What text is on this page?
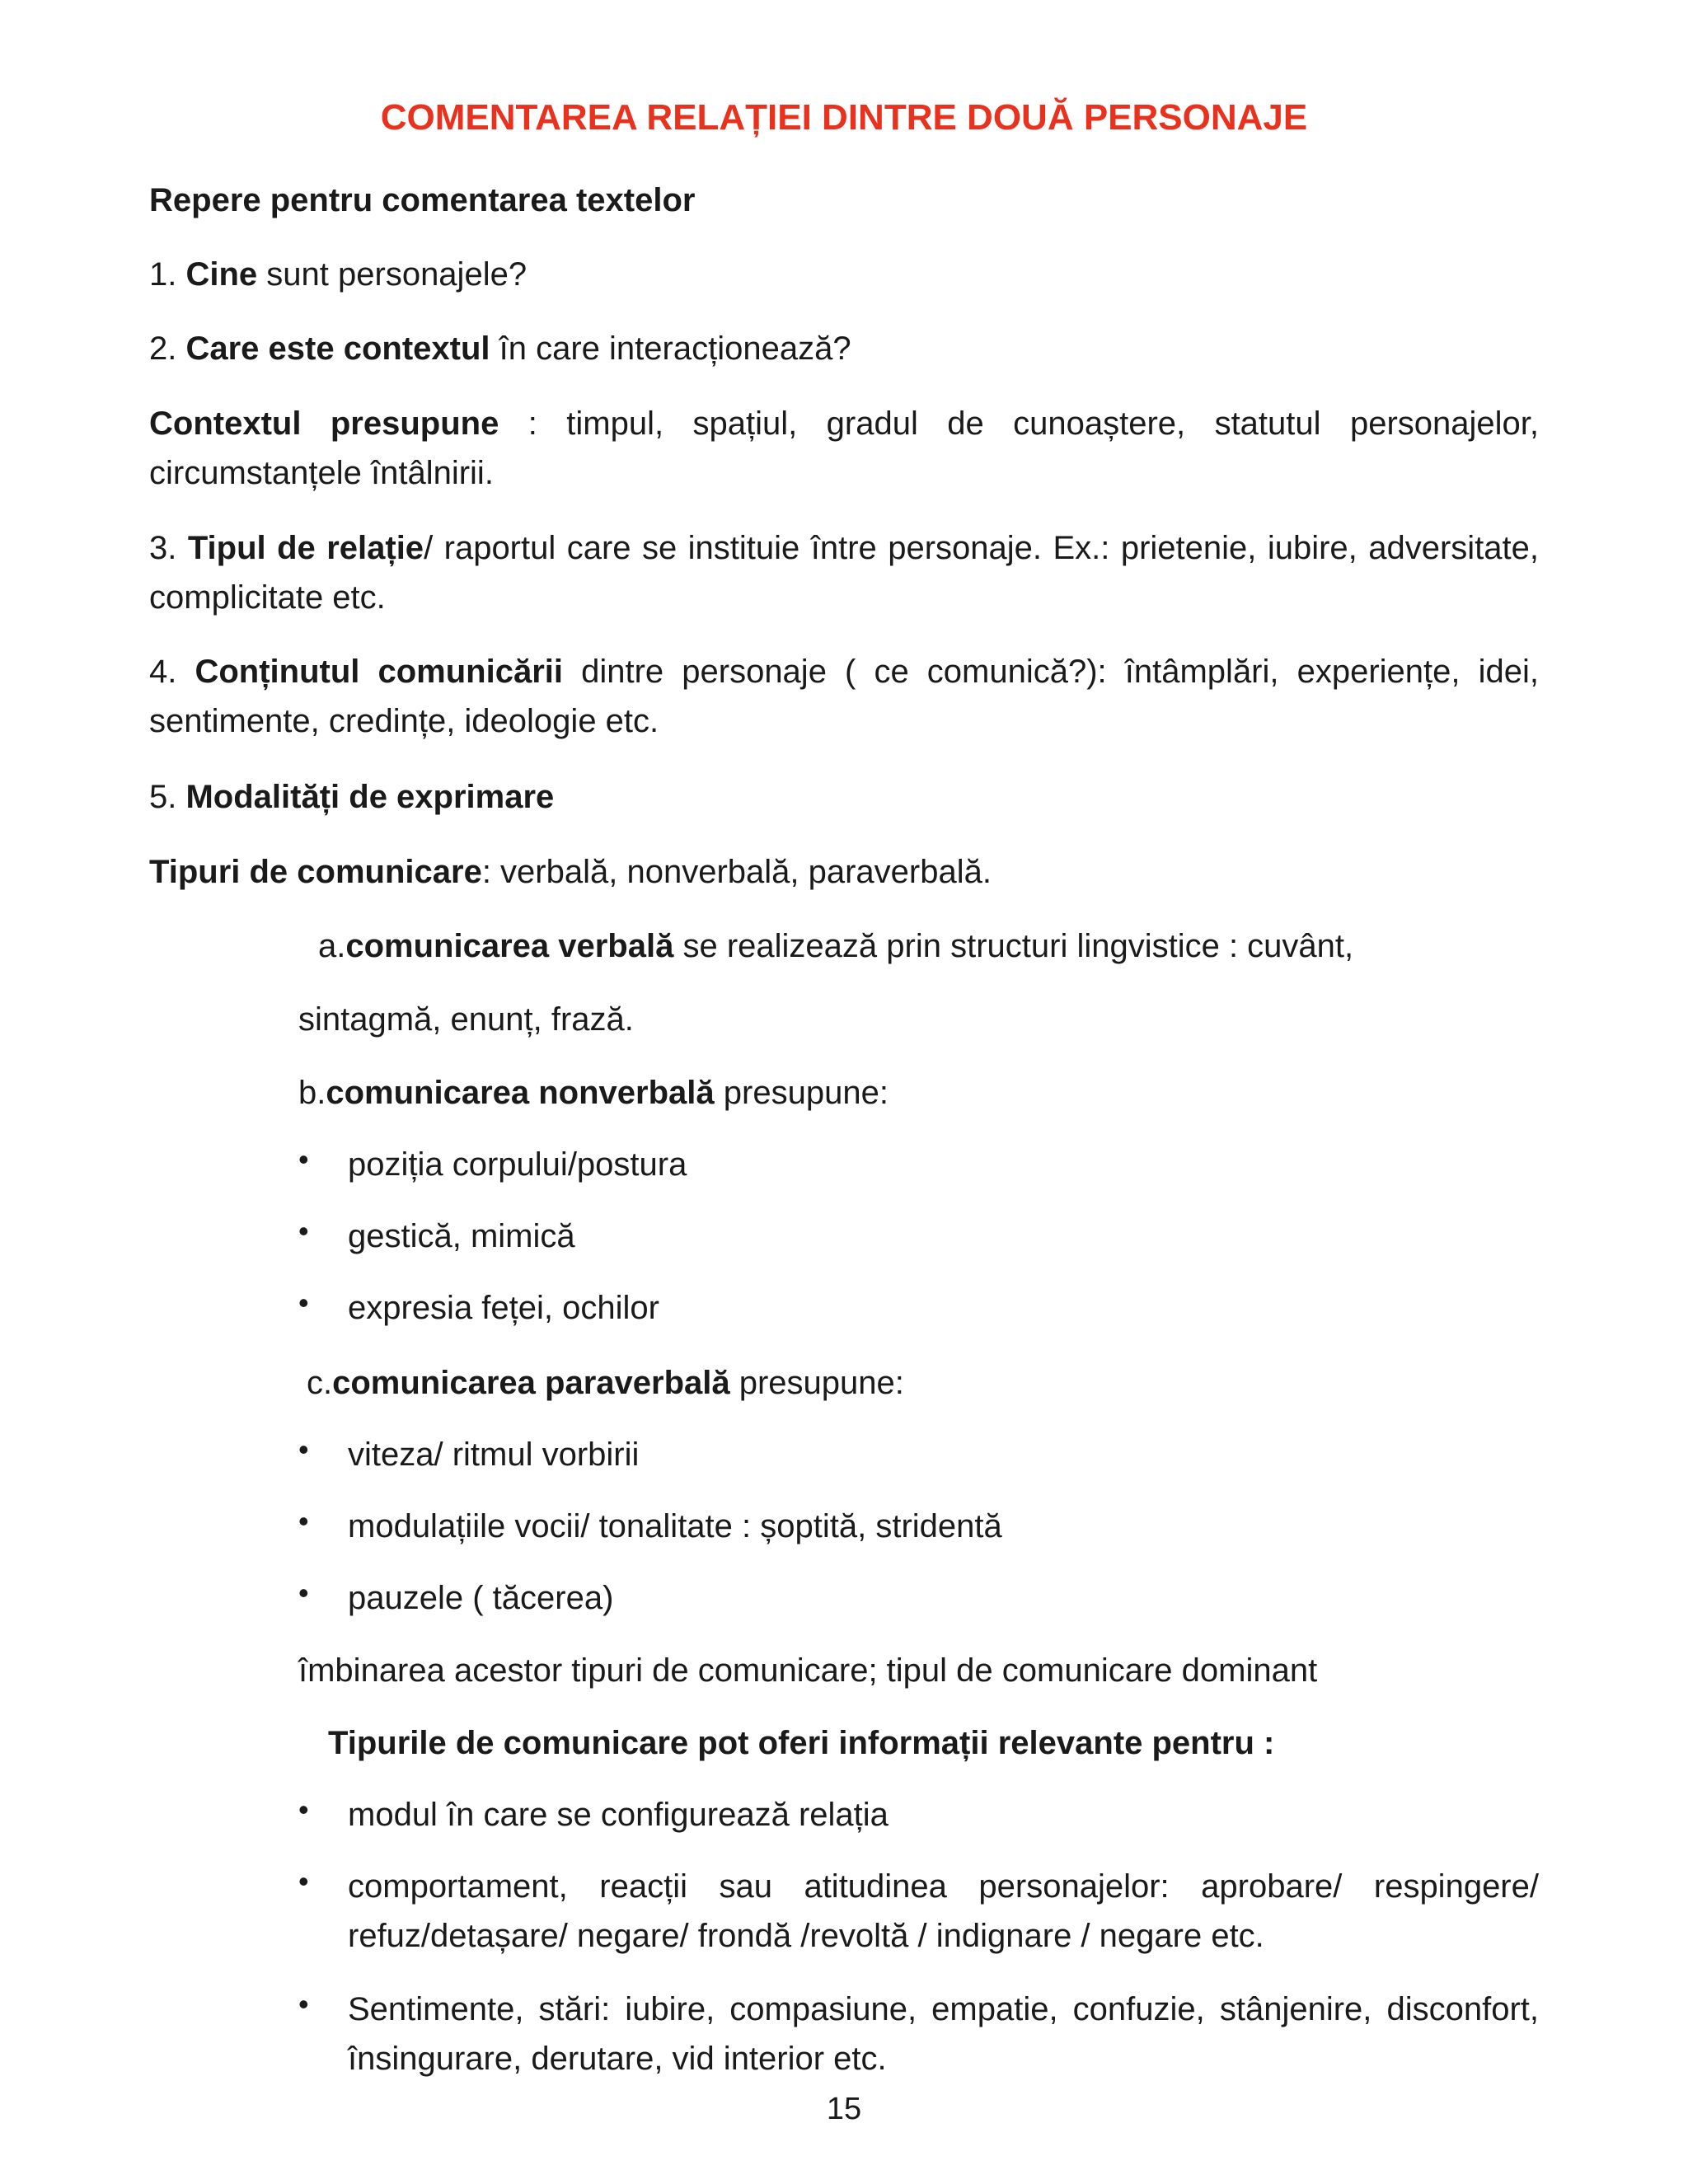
COMENTAREA RELAȚIEI DINTRE DOUĂ PERSONAJE

Repere pentru comentarea textelor

1. Cine sunt personajele?

2. Care este contextul în care interacționează?

Contextul presupune : timpul, spațiul, gradul de cunoaștere, statutul personajelor, circumstanțele întâlnirii.

3. Tipul de relație/ raportul care se instituie între personaje. Ex.: prietenie, iubire, adversitate, complicitate etc.

4. Conținutul comunicării dintre personaje ( ce comunică?): întâmplări, experiențe, idei, sentimente, credințe, ideologie etc.

5. Modalități de exprimare

Tipuri de comunicare: verbală, nonverbală, paraverbală.

a.comunicarea verbală se realizează prin structuri lingvistice : cuvânt,

sintagmă, enunț, frază.

b.comunicarea nonverbală presupune:

• poziția corpului/postura
• gestică, mimică
• expresia feței, ochilor

c.comunicarea paraverbală presupune:

• viteza/ ritmul vorbirii
• modulațiile vocii/ tonalitate : șoptită, stridentă
• pauzele ( tăcerea)

îmbinarea acestor tipuri de comunicare; tipul de comunicare dominant

Tipurile de comunicare pot oferi informații relevante pentru :

• modul în care se configurează relația
• comportament, reacții sau atitudinea personajelor: aprobare/ respingere/ refuz/detașare/ negare/ frondă /revoltă / indignare / negare etc.
• Sentimente, stări: iubire, compasiune, empatie, confuzie, stânjenire, disconfort, însingurare, derutare, vid interior etc.

15
